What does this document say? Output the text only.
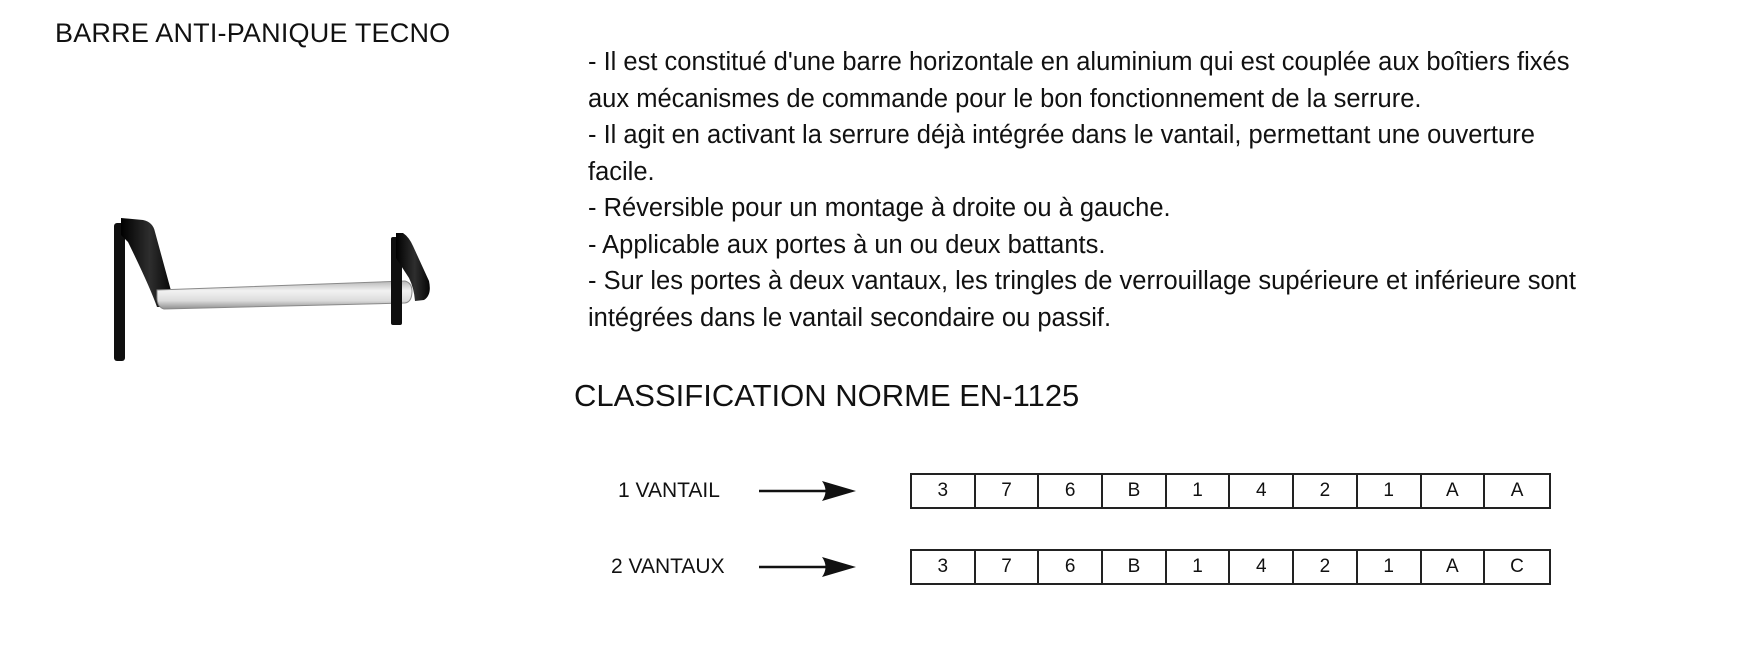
BARRE ANTI-PANIQUE TECNO
- Il est constitué d'une barre horizontale en aluminium qui est couplée aux boîtiers fixés
aux mécanismes de commande pour le bon fonctionnement de la serrure.
- Il agit en activant la serrure déjà intégrée dans le vantail, permettant une ouverture
facile.
- Réversible pour un montage à droite ou à gauche.
- Applicable aux portes à un ou deux battants.
- Sur les portes à deux vantaux, les tringles de verrouillage supérieure et inférieure sont
intégrées dans le vantail secondaire ou passif.
CLASSIFICATION NORME EN-1125
1 VANTAIL	3	7	6	B	1	4	2	1	A	A
2 VANTAUX	3	7	6	B	1	4	2	1	A	C
